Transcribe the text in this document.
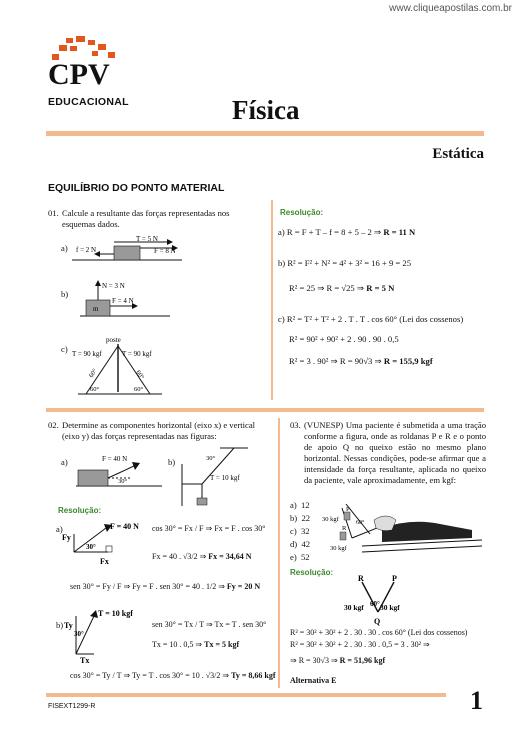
www.cliqueapostilas.com.br
CPV
EDUCACIONAL	Física
Estática
EQUILÍBRIO DO PONTO MATERIAL
01. Calcule a resultante das forças representadas nos esquemas dados.
a)
T = 5 N
F = 8 N
f = 2 N
b)
m
N = 3 N
F = 4 N
c)
poste
T = 90 kgf	T = 90 kgf
60°	60°
60°	60°
Resolução:
a) R = F + T – f = 8 + 5 – 2 ⇒ R = 11 N
b) R² = F² + N² = 4² + 3² = 16 + 9 = 25
R² = 25 ⇒ R = √25 ⇒ R = 5 N
c) R² = T² + T² + 2 . T . T . cos 60° (Lei dos cossenos)
R² = 90² + 90² + 2 . 90 . 90 . 0,5
R² = 3 . 90² ⇒ R = 90√3 ⇒ R = 155,9 kgf
02. Determine as componentes horizontal (eixo x) e vertical (eixo y) das forças representadas nas figuras:
a)	F = 40 N
30°
b)	30°
T = 10 kgf
Resolução:
a)	F = 40 N
Fy
Fx
30°
cos 30° = Fx / F ⇒ Fx = F . cos 30°
Fx = 40 . √3/2 ⇒ Fx = 34,64 N
sen 30° = Fy / F ⇒ Fy = F . sen 30° = 40 . 1/2 ⇒ Fy = 20 N
b)
T = 10 kgf
Ty
Tx
30°
sen 30° = Tx / T ⇒ Tx = T . sen 30°
Tx = 10 . 0,5 ⇒ Tx = 5 kgf
cos 30° = Ty / T ⇒ Ty = T . cos 30° = 10 . √3/2 ⇒ Ty = 8,66 kgf
03. (VUNESP) Uma paciente é submetida a uma tração conforme a figura, onde as roldanas P e R e o ponto de apoio Q no queixo estão no mesmo plano horizontal. Nessas condições, pode-se afirmar que a intensidade da força resultante, aplicada no queixo da paciente, vale aproximadamente, em kgf:
a) 12
b) 22
c) 32
d) 42
e) 52
30 kgf
30 kgf
P
R
60°
Resolução:
R	P
Q
60°
30 kgf 30 kgf
R² = 30² + 30² + 2 . 30 . 30 . cos 60° (Lei dos cossenos)
R² = 30² + 30² + 2 . 30 . 30 . 0,5 = 3 . 30² ⇒
⇒ R = 30√3 ⇒ R = 51,96 kgf
Alternativa E
FISEXT1299-R	1
